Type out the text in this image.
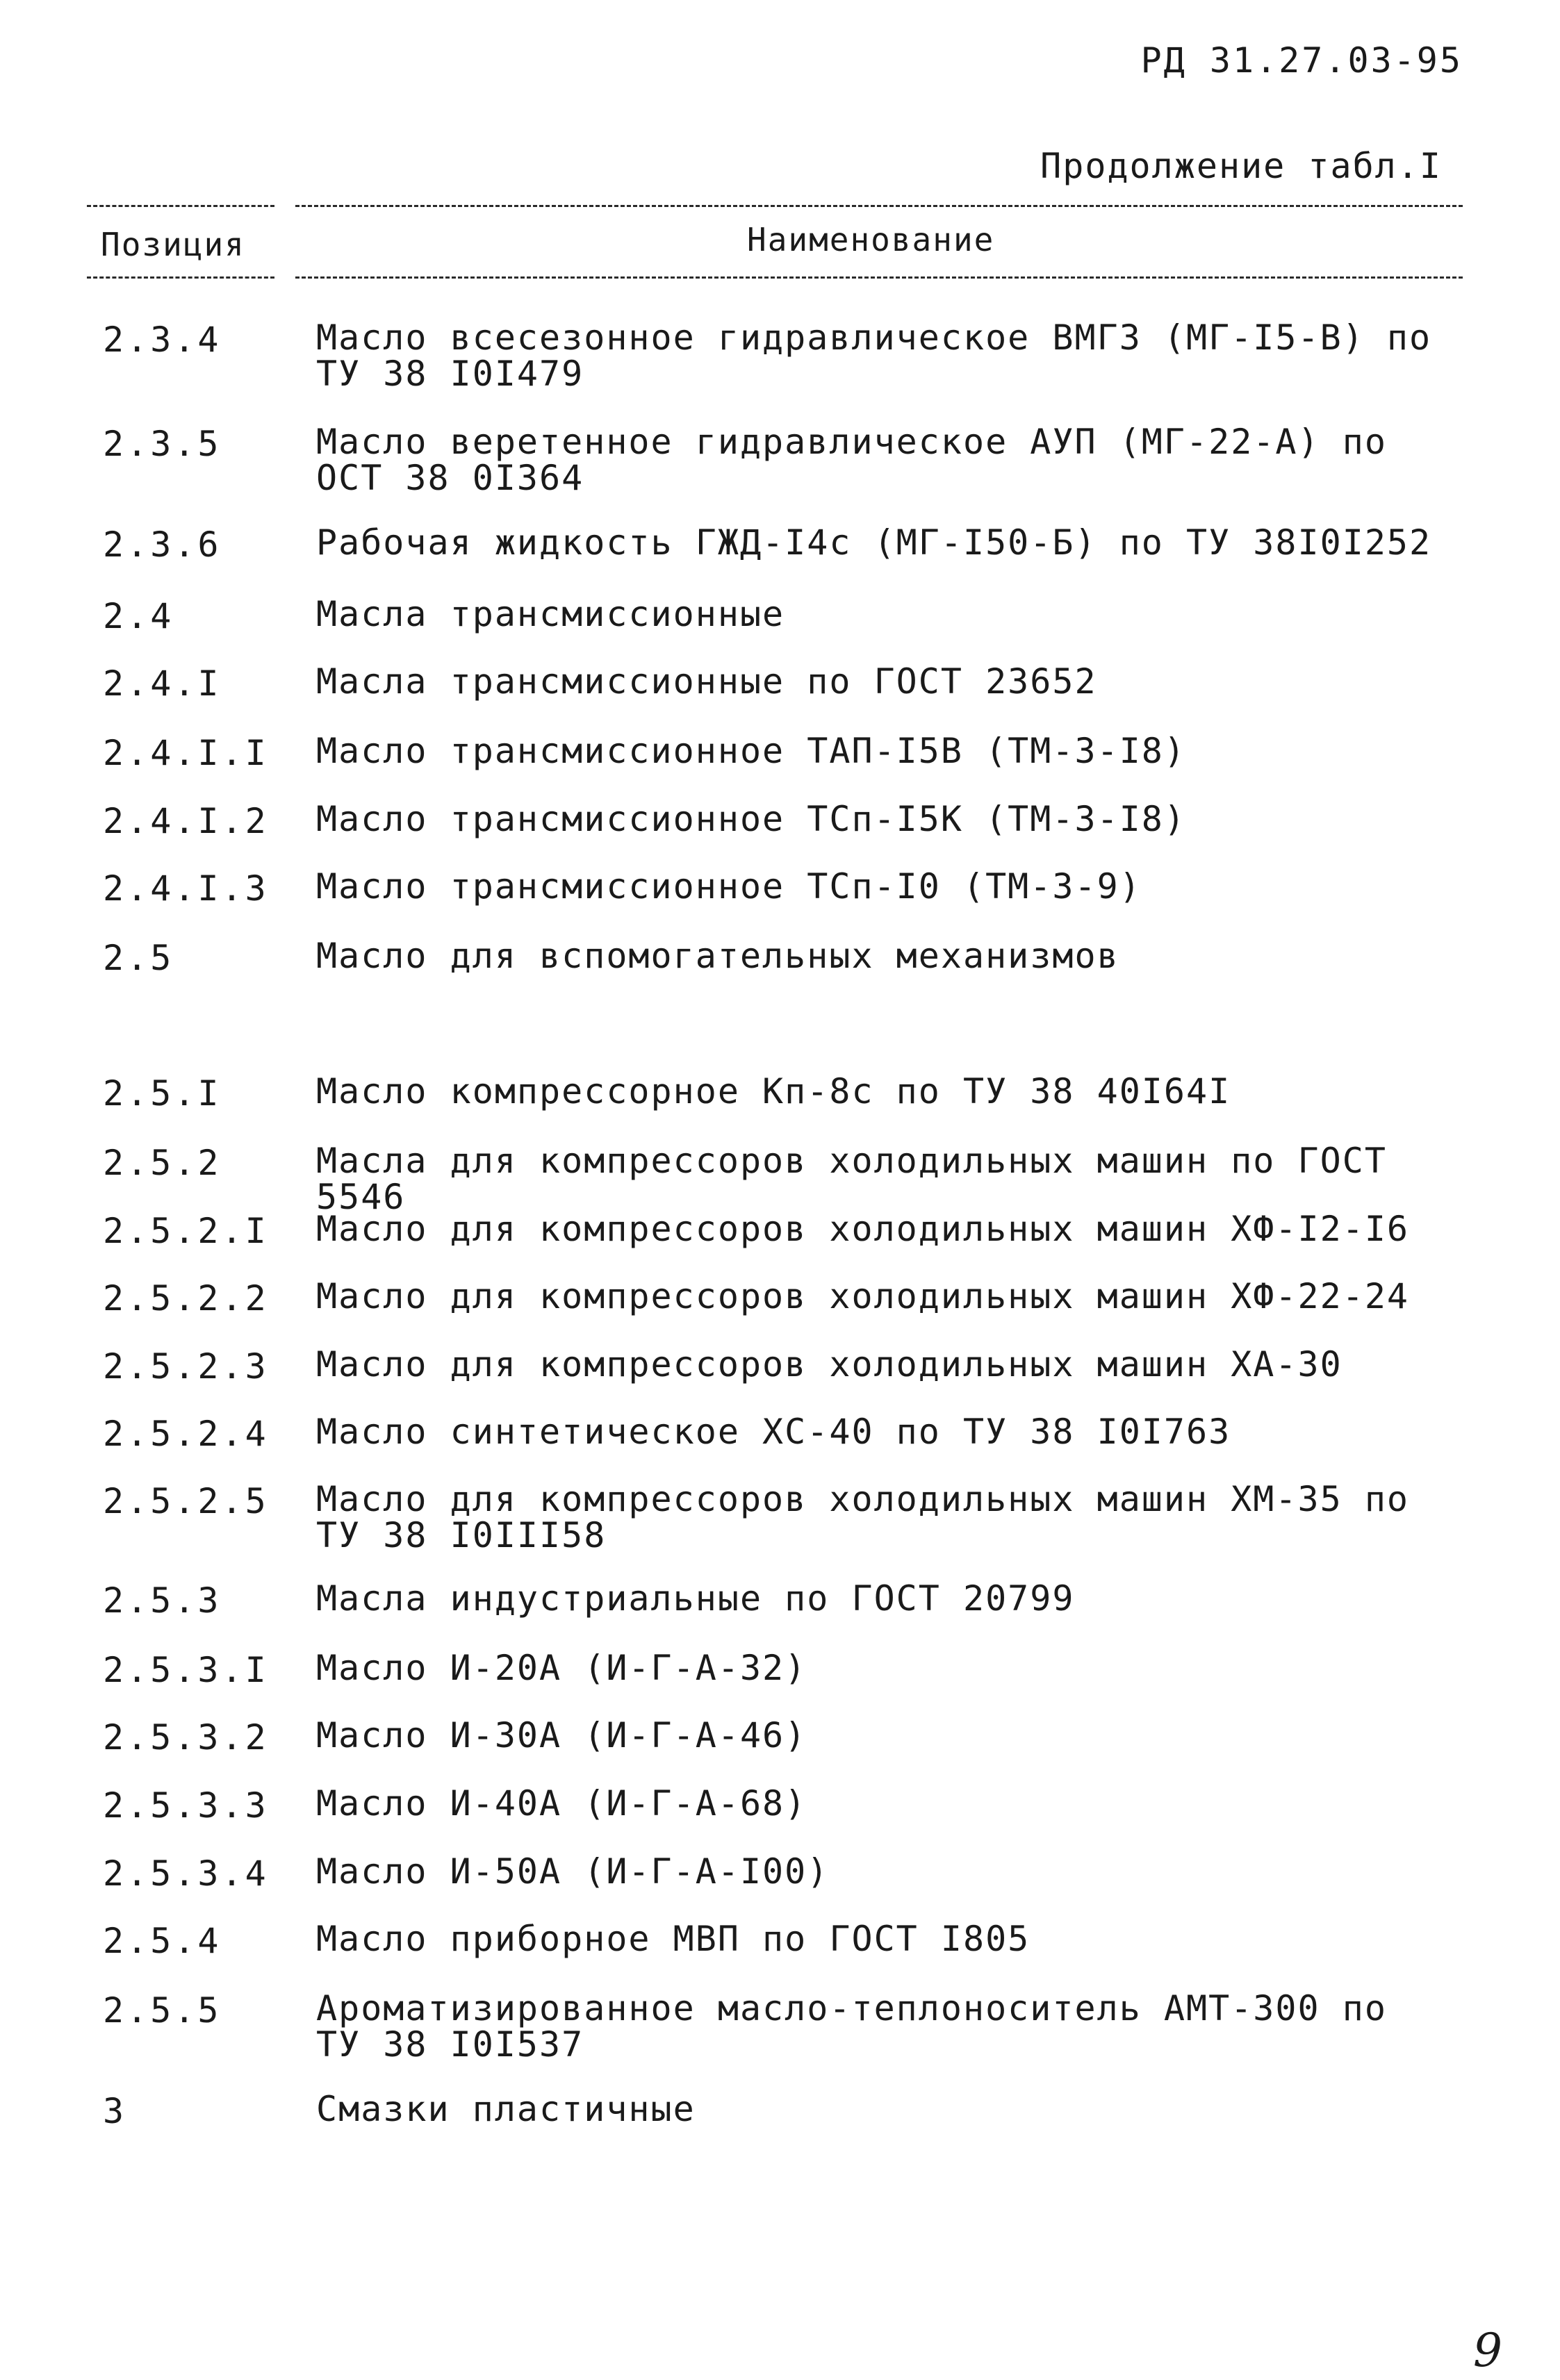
РД 31.27.03-95
Продолжение табл.I
Позиция	Наименование
2.3.4	Масло всесезонное гидравлическое ВМГЗ (МГ-I5-В) по
ТУ 38 I0I479
2.3.5	Масло веретенное гидравлическое АУП (МГ-22-А) по
ОСТ 38 0I364
2.3.6	Рабочая жидкость ГЖД-I4с (МГ-I50-Б) по ТУ 38I0I252
2.4	Масла трансмиссионные
2.4.I	Масла трансмиссионные по ГОСТ 23652
2.4.I.I Масло трансмиссионное ТАП-I5В (ТМ-3-I8)
2.4.I.2 Масло трансмиссионное ТСп-I5К (ТМ-3-I8)
2.4.I.3 Масло трансмиссионное ТСп-I0 (ТМ-3-9)
2.5	Масло для вспомогательных механизмов
2.5.I	Масло компрессорное Кп-8с по ТУ 38 40I64I
2.5.2	Масла для компрессоров холодильных машин по ГОСТ 5546
2.5.2.I Масло для компрессоров холодильных машин ХФ-I2-I6
2.5.2.2 Масло для компрессоров холодильных машин ХФ-22-24
2.5.2.3 Масло для компрессоров холодильных машин ХА-30
2.5.2.4 Масло синтетическое ХС-40 по ТУ 38 I0I763
2.5.2.5 Масло для компрессоров холодильных машин ХМ-35 по
ТУ 38 I0III58
2.5.3	Масла индустриальные по ГОСТ 20799
2.5.3.I Масло И-20А (И-Г-А-32)
2.5.3.2 Масло И-30А (И-Г-А-46)
2.5.3.3 Масло И-40А (И-Г-А-68)
2.5.3.4 Масло И-50А (И-Г-А-I00)
2.5.4	Масло приборное МВП по ГОСТ I805
2.5.5	Ароматизированное масло-теплоноситель АМТ-300 по
ТУ 38 I0I537
3	Смазки пластичные
9
